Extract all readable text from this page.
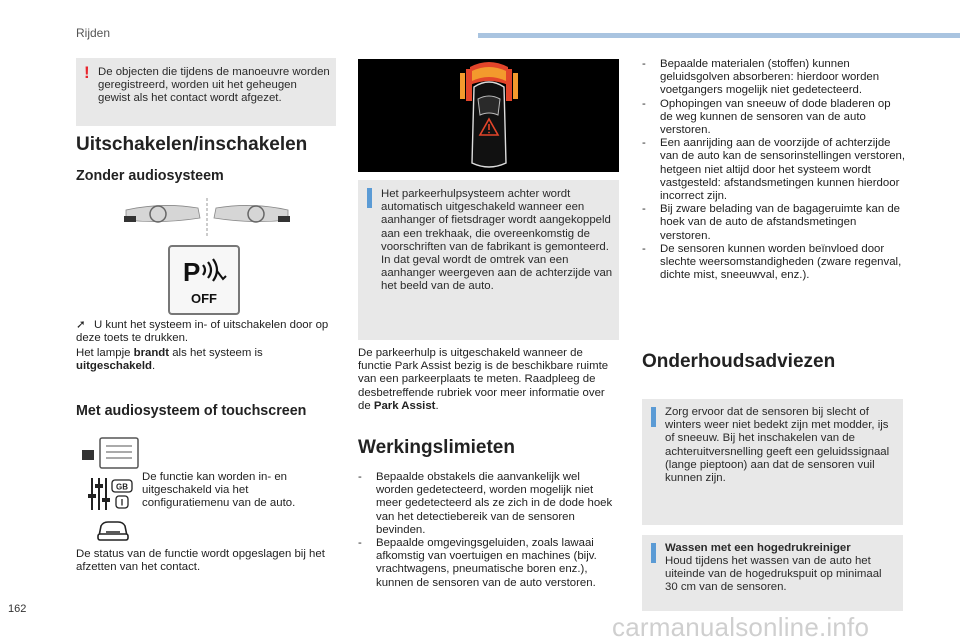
Rijden
! De objecten die tijdens de manoeuvre worden geregistreerd, worden uit het geheugen gewist als het contact wordt afgezet.
Uitschakelen/inschakelen
Zonder audiosysteem
P
OFF
➚ U kunt het systeem in- of uitschakelen door op deze toets te drukken.
Het lampje brandt als het systeem is uitgeschakeld.
Met audiosysteem of touchscreen
GB
I
De functie kan worden in- en uitgeschakeld via het configuratiemenu van de auto.
De status van de functie wordt opgeslagen bij het afzetten van het contact.
Het parkeerhulpsysteem achter wordt automatisch uitgeschakeld wanneer een aanhanger of fietsdrager wordt aangekoppeld aan een trekhaak, die overeenkomstig de voorschriften van de fabrikant is gemonteerd.
In dat geval wordt de omtrek van een aanhanger weergeven aan de achterzijde van het beeld van de auto.
De parkeerhulp is uitgeschakeld wanneer de functie Park Assist bezig is de beschikbare ruimte van een parkeerplaats te meten. Raadpleeg de desbetreffende rubriek voor meer informatie over de Park Assist.
Werkingslimieten
- Bepaalde obstakels die aanvankelijk wel worden gedetecteerd, worden mogelijk niet meer gedetecteerd als ze zich in de dode hoek van het detectiebereik van de sensoren bevinden.
- Bepaalde omgevingsgeluiden, zoals lawaai afkomstig van voertuigen en machines (bijv. vrachtwagens, pneumatische boren enz.), kunnen de sensoren van de auto verstoren.
- Bepaalde materialen (stoffen) kunnen geluidsgolven absorberen: hierdoor worden voetgangers mogelijk niet gedetecteerd.
- Ophopingen van sneeuw of dode bladeren op de weg kunnen de sensoren van de auto verstoren.
- Een aanrijding aan de voorzijde of achterzijde van de auto kan de sensorinstellingen verstoren, hetgeen niet altijd door het systeem wordt vastgesteld: afstandsmetingen kunnen hierdoor incorrect zijn.
- Bij zware belading van de bagageruimte kan de hoek van de auto de afstandsmetingen verstoren.
- De sensoren kunnen worden beïnvloed door slechte weersomstandigheden (zware regenval, dichte mist, sneeuwval, enz.).
Onderhoudsadviezen
Zorg ervoor dat de sensoren bij slecht of winters weer niet bedekt zijn met modder, ijs of sneeuw. Bij het inschakelen van de achteruitversnelling geeft een geluidssignaal (lange pieptoon) aan dat de sensoren vuil kunnen zijn.
Wassen met een hogedrukreiniger
Houd tijdens het wassen van de auto het uiteinde van de hogedrukspuit op minimaal 30 cm van de sensoren.
162
carmanualsonline.info
